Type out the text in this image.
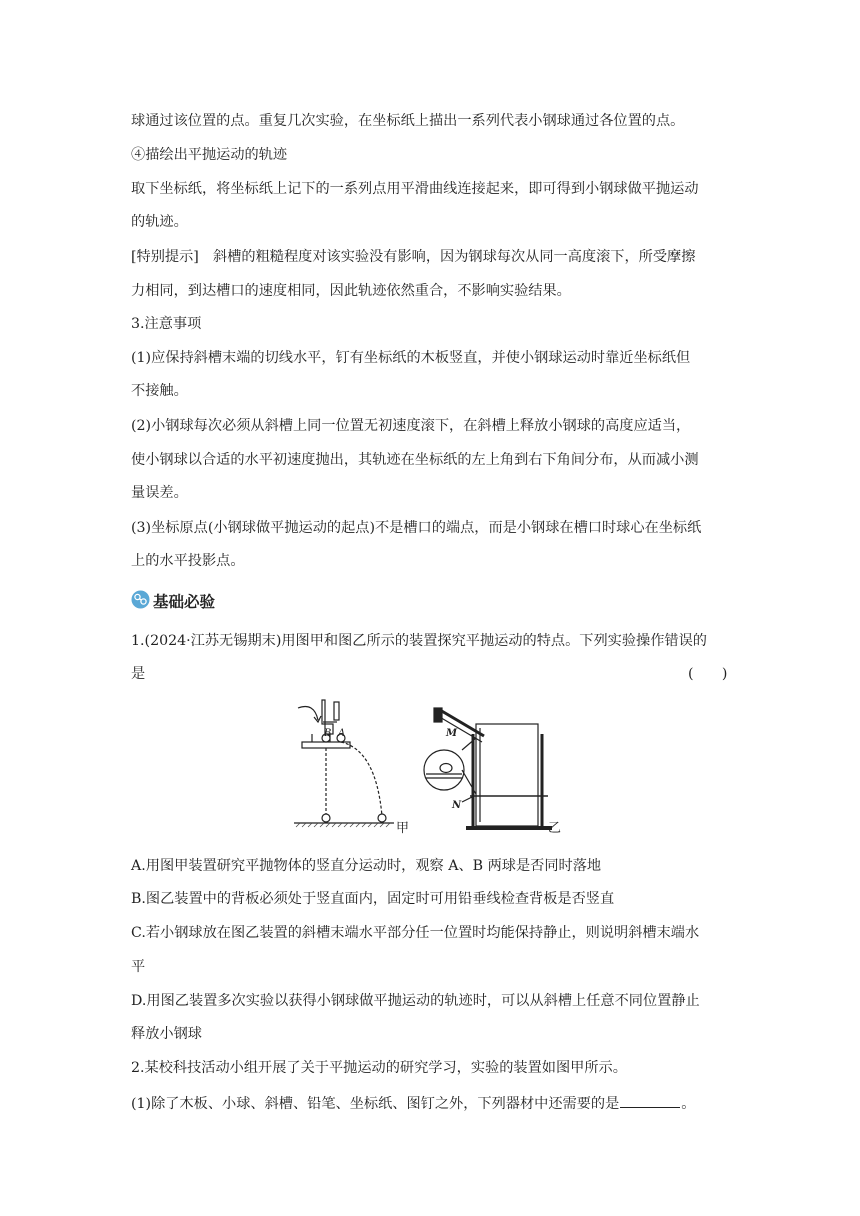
球通过该位置的点。重复几次实验，在坐标纸上描出一系列代表小钢球通过各位置的点。
④描绘出平抛运动的轨迹
取下坐标纸，将坐标纸上记下的一系列点用平滑曲线连接起来，即可得到小钢球做平抛运动
的轨迹。
[特别提示]　斜槽的粗糙程度对该实验没有影响，因为钢球每次从同一高度滚下，所受摩擦
力相同，到达槽口的速度相同，因此轨迹依然重合，不影响实验结果。
3.注意事项
(1)应保持斜槽末端的切线水平，钉有坐标纸的木板竖直，并使小钢球运动时靠近坐标纸但
不接触。
(2)小钢球每次必须从斜槽上同一位置无初速度滚下，在斜槽上释放小钢球的高度应适当，
使小钢球以合适的水平初速度抛出，其轨迹在坐标纸的左上角到右下角间分布，从而减小测
量误差。
(3)坐标原点(小钢球做平抛运动的起点)不是槽口的端点，而是小钢球在槽口时球心在坐标纸
上的水平投影点。
基础必验
1.(2024·江苏无锡期末)用图甲和图乙所示的装置探究平抛运动的特点。下列实验操作错误的
是	(　　)
B A
甲
M
N
乙
A.用图甲装置研究平抛物体的竖直分运动时，观察 A、B 两球是否同时落地
B.图乙装置中的背板必须处于竖直面内，固定时可用铅垂线检查背板是否竖直
C.若小钢球放在图乙装置的斜槽末端水平部分任一位置时均能保持静止，则说明斜槽末端水
平
D.用图乙装置多次实验以获得小钢球做平抛运动的轨迹时，可以从斜槽上任意不同位置静止
释放小钢球
2.某校科技活动小组开展了关于平抛运动的研究学习，实验的装置如图甲所示。
(1)除了木板、小球、斜槽、铅笔、坐标纸、图钉之外，下列器材中还需要的是	。
